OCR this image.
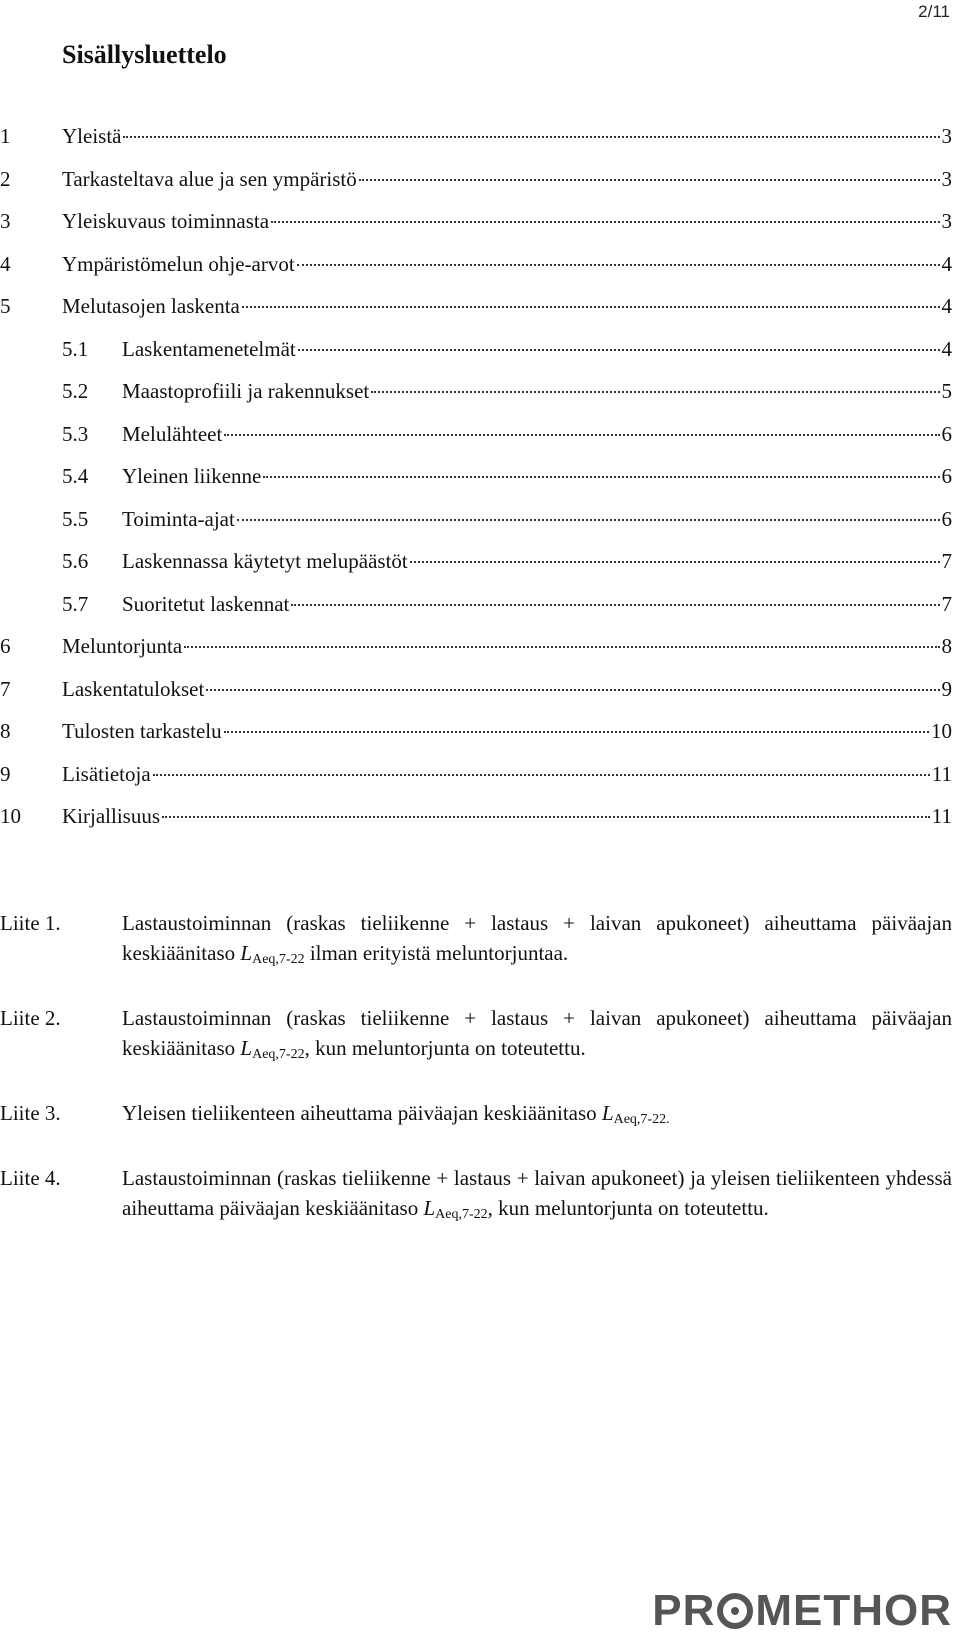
2/11
Sisällysluettelo
1	Yleistä	3
2	Tarkasteltava alue ja sen ympäristö	3
3	Yleiskuvaus toiminnasta	3
4	Ympäristömelun ohje-arvot	4
5	Melutasojen laskenta	4
5.1	Laskentamenetelmät	4
5.2	Maastoprofiili ja rakennukset	5
5.3	Melulähteet	6
5.4	Yleinen liikenne	6
5.5	Toiminta-ajat	6
5.6	Laskennassa käytetyt melupäästöt	7
5.7	Suoritetut laskennat	7
6	Meluntorjunta	8
7	Laskentatulokset	9
8	Tulosten tarkastelu	10
9	Lisätietoja	11
10	Kirjallisuus	11
Liite 1.	Lastaustoiminnan (raskas tieliikenne + lastaus + laivan apukoneet) aiheuttama päiväajan keskiäänitaso $L_{Aeq,7-22}$ ilman erityistä meluntorjuntaa.
Liite 2.	Lastaustoiminnan (raskas tieliikenne + lastaus + laivan apukoneet) aiheuttama päiväajan keskiäänitaso $L_{Aeq,7-22}$, kun meluntorjunta on toteutettu.
Liite 3.	Yleisen tieliikenteen aiheuttama päiväajan keskiäänitaso $L_{Aeq,7-22.}$
Liite 4.	Lastaustoiminnan (raskas tieliikenne + lastaus + laivan apukoneet) ja yleisen tieliikenteen yhdessä aiheuttama päiväajan keskiäänitaso $L_{Aeq,7-22}$, kun meluntorjunta on toteutettu.
PR METHOR
